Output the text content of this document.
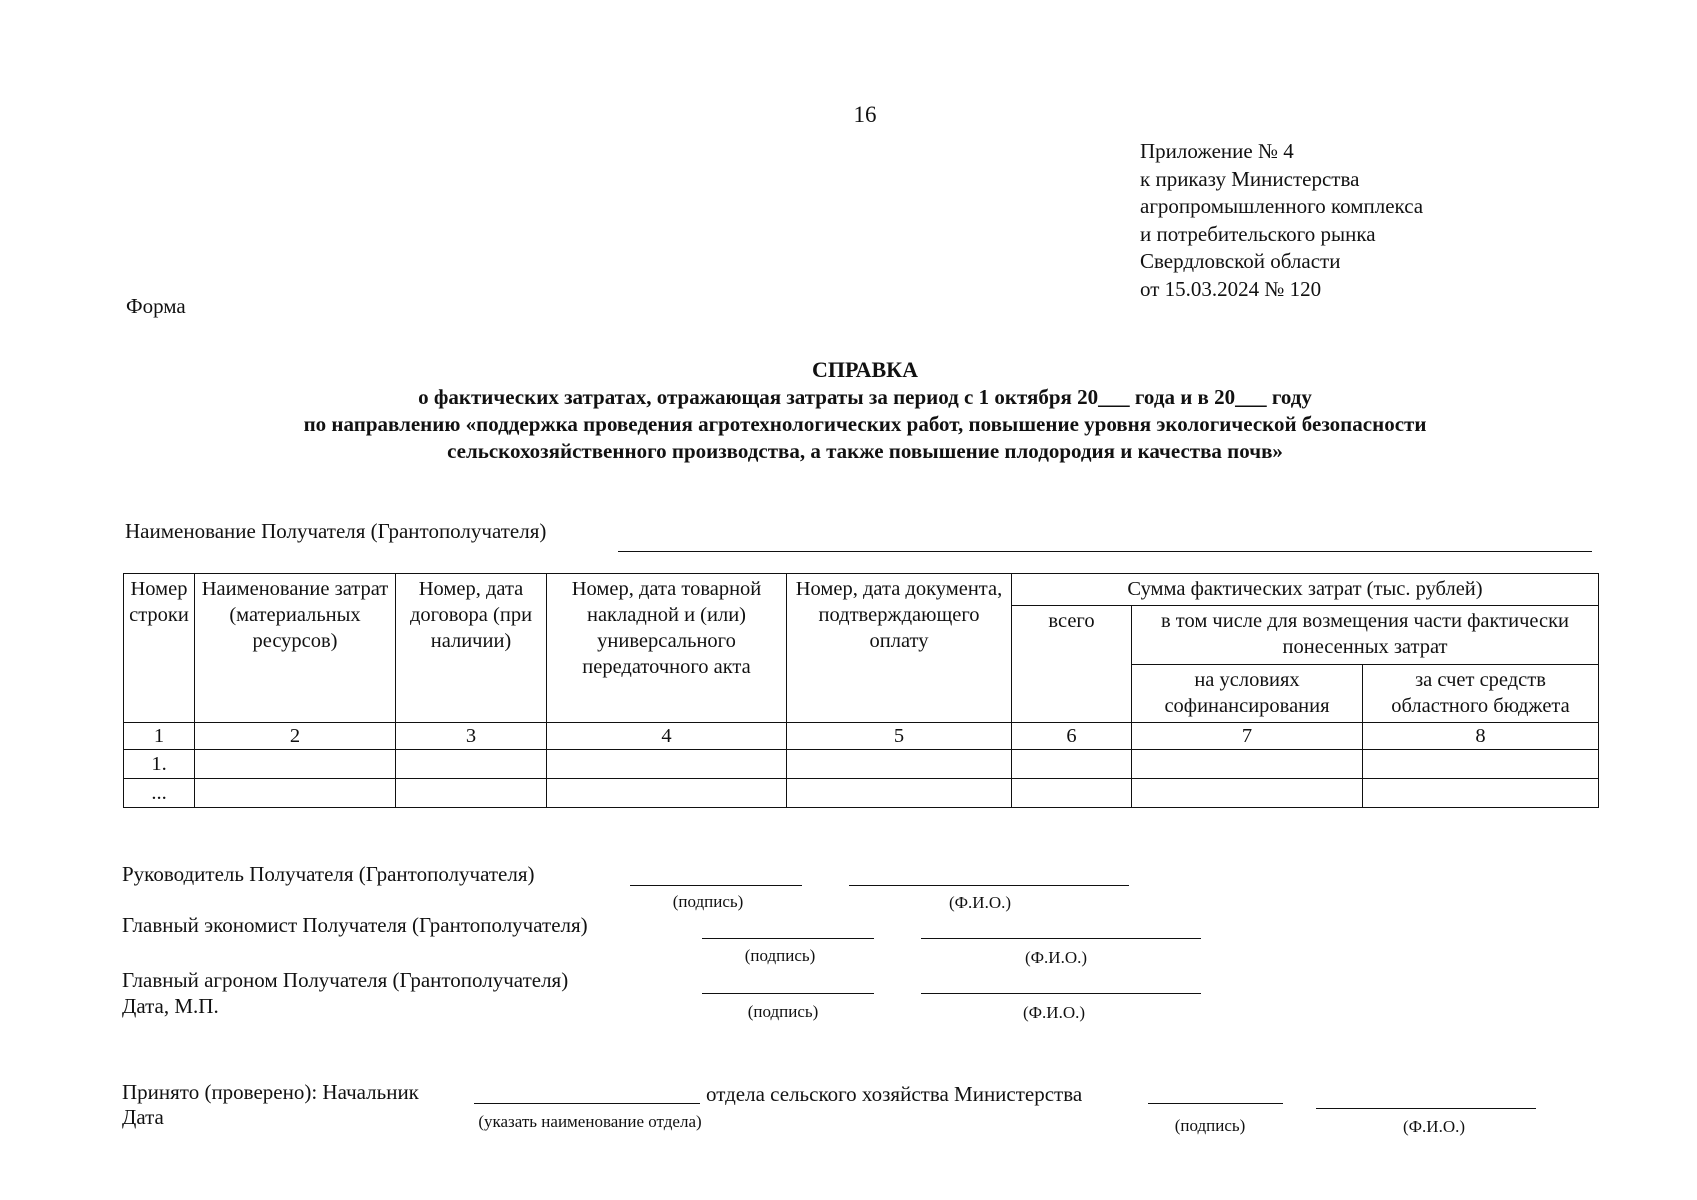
16
Приложение № 4
к приказу Министерства
агропромышленного комплекса
и потребительского рынка
Свердловской области
от 15.03.2024 № 120
Форма
СПРАВКА
о фактических затратах, отражающая затраты за период с 1 октября 20___ года и в 20___ году
по направлению «поддержка проведения агротехнологических работ, повышение уровня экологической безопасности
сельскохозяйственного производства, а также повышение плодородия и качества почв»
Наименование Получателя (Грантополучателя)
Номер строки	Наименование затрат (материальных ресурсов)	Номер, дата договора (при наличии)	Номер, дата товарной накладной и (или) универсального передаточного акта	Номер, дата документа, подтверждающего оплату	Сумма фактических затрат (тыс. рублей)		
					всего	в том числе для возмещения части фактически понесенных затрат	
						на условиях софинансирования	за счет средств областного бюджета
1	2	3	4	5	6	7	8
1.							
...							
Руководитель Получателя (Грантополучателя)
(подпись)	(Ф.И.О.)
Главный экономист Получателя (Грантополучателя)
(подпись)	(Ф.И.О.)
Главный агроном Получателя (Грантополучателя)
Дата, М.П.	(подпись)	(Ф.И.О.)
Принято (проверено): Начальник	отдела сельского хозяйства Министерства
Дата	(указать наименование отдела)	(подпись)	(Ф.И.О.)
